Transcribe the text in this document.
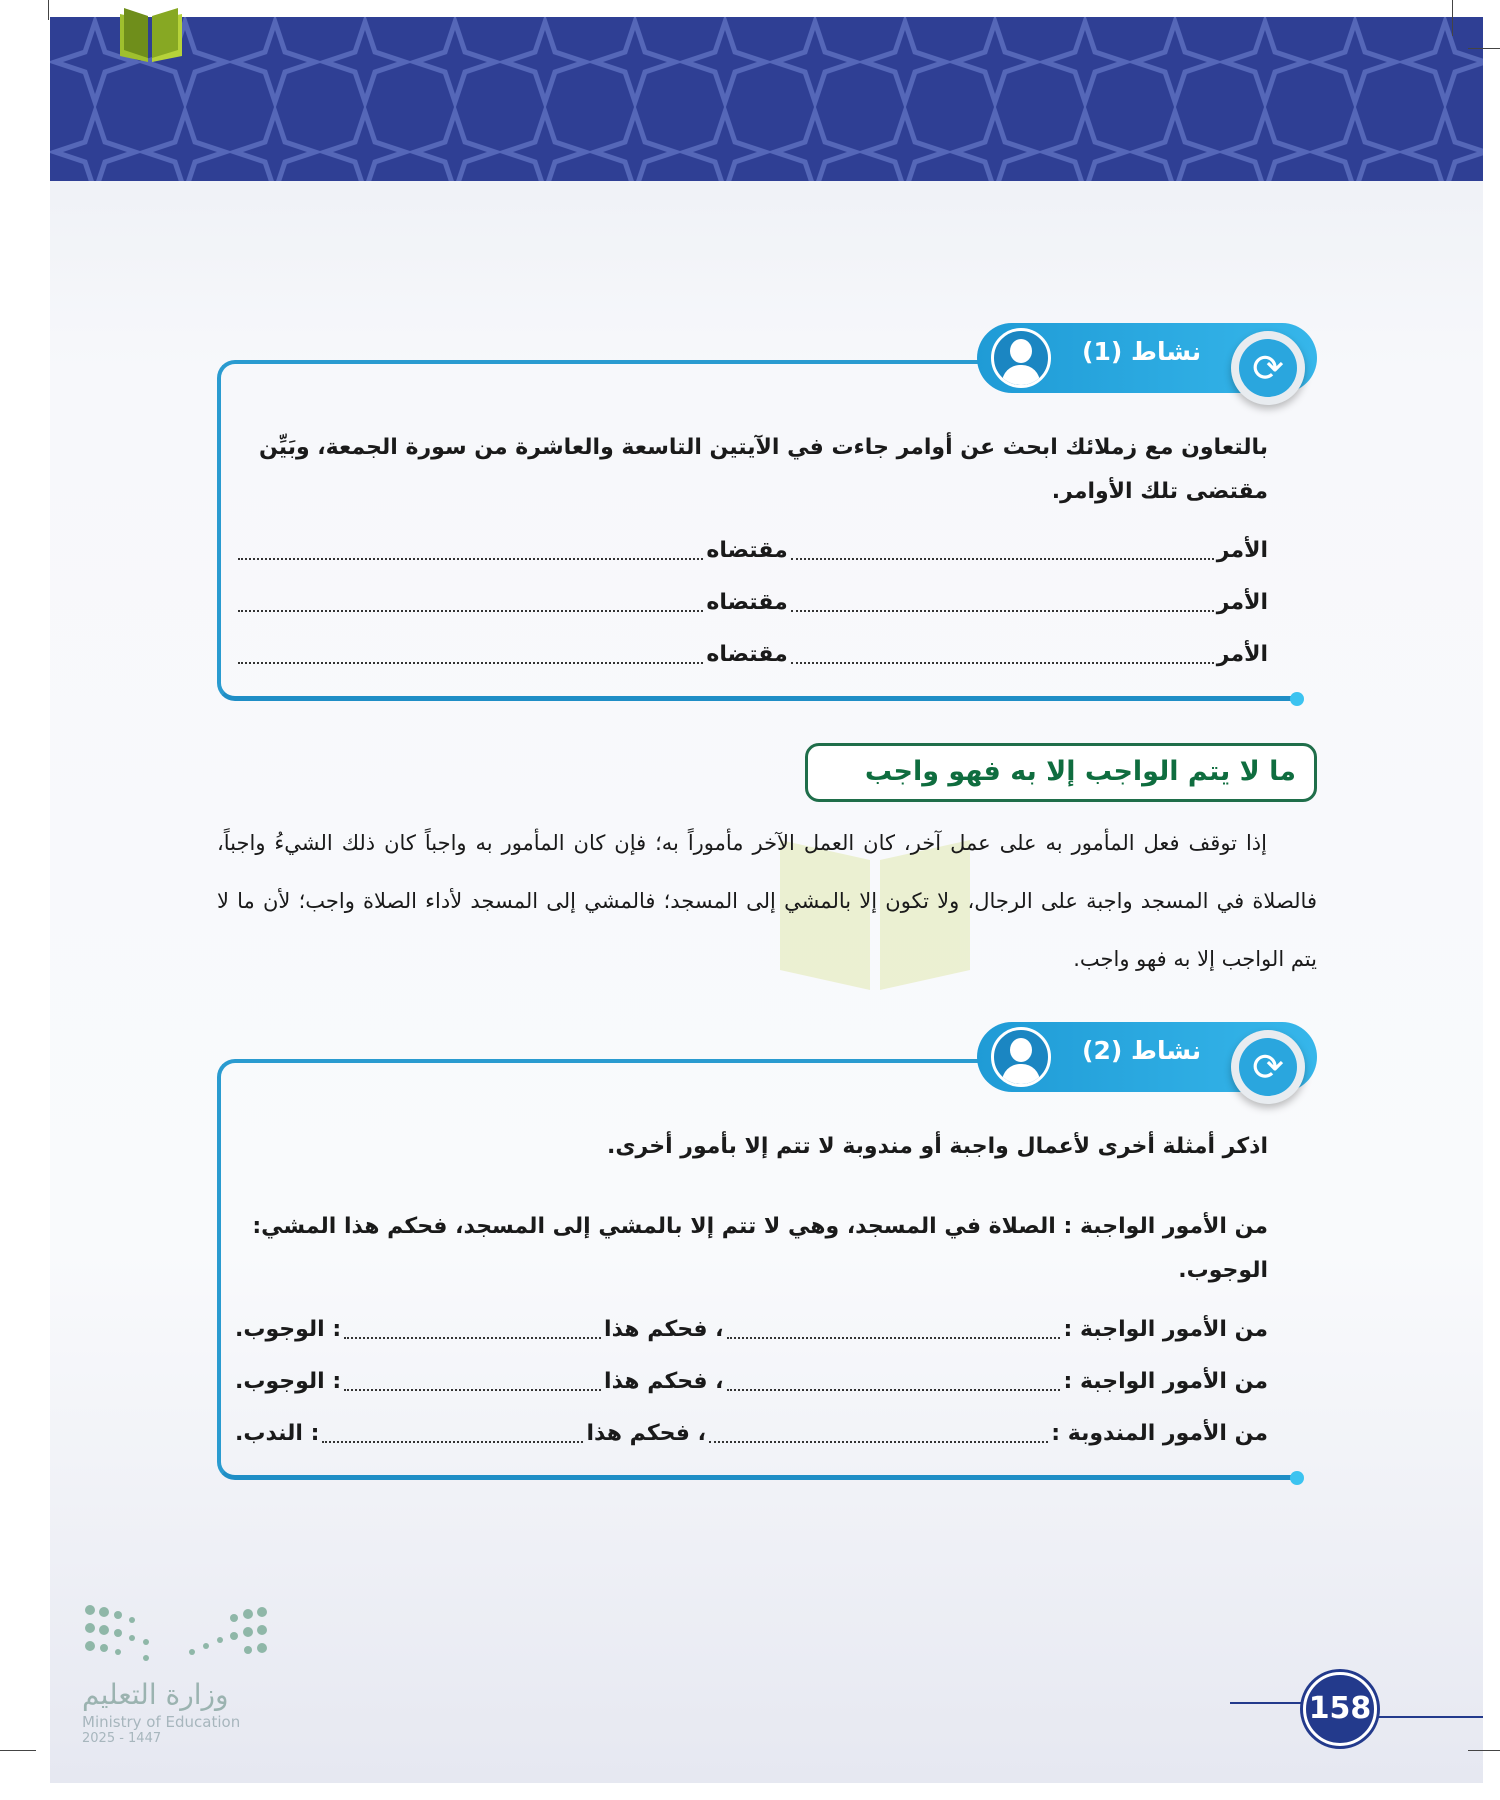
نشاط (1)	⟳
بالتعاون مع زملائك ابحث عن أوامر جاءت في الآيتين التاسعة والعاشرة من سورة الجمعة، وبَيِّن مقتضى تلك الأوامر.
الأمر
مقتضاه
الأمر
مقتضاه
الأمر
مقتضاه
ما لا يتم الواجب إلا به فهو واجب

إذا توقف فعل المأمور به على عمل آخر، كان العمل الآخر مأموراً به؛ فإن كان المأمور به واجباً كان ذلك الشيءُ واجباً، فالصلاة في المسجد واجبة على الرجال، ولا تكون إلا بالمشي إلى المسجد؛ فالمشي إلى المسجد لأداء الصلاة واجب؛ لأن ما لا يتم الواجب إلا به فهو واجب.

نشاط (2)	⟳
اذكر أمثلة أخرى لأعمال واجبة أو مندوبة لا تتم إلا بأمور أخرى.
من الأمور الواجبة : الصلاة في المسجد، وهي لا تتم إلا بالمشي إلى المسجد، فحكم هذا المشي: الوجوب.
من الأمور الواجبة :
، فحكم هذا
: الوجوب.
من الأمور الواجبة :
، فحكم هذا
: الوجوب.
من الأمور المندوبة :
، فحكم هذا
: الندب.
وزارة التعليم
Ministry of Education
2025 - 1447
158
